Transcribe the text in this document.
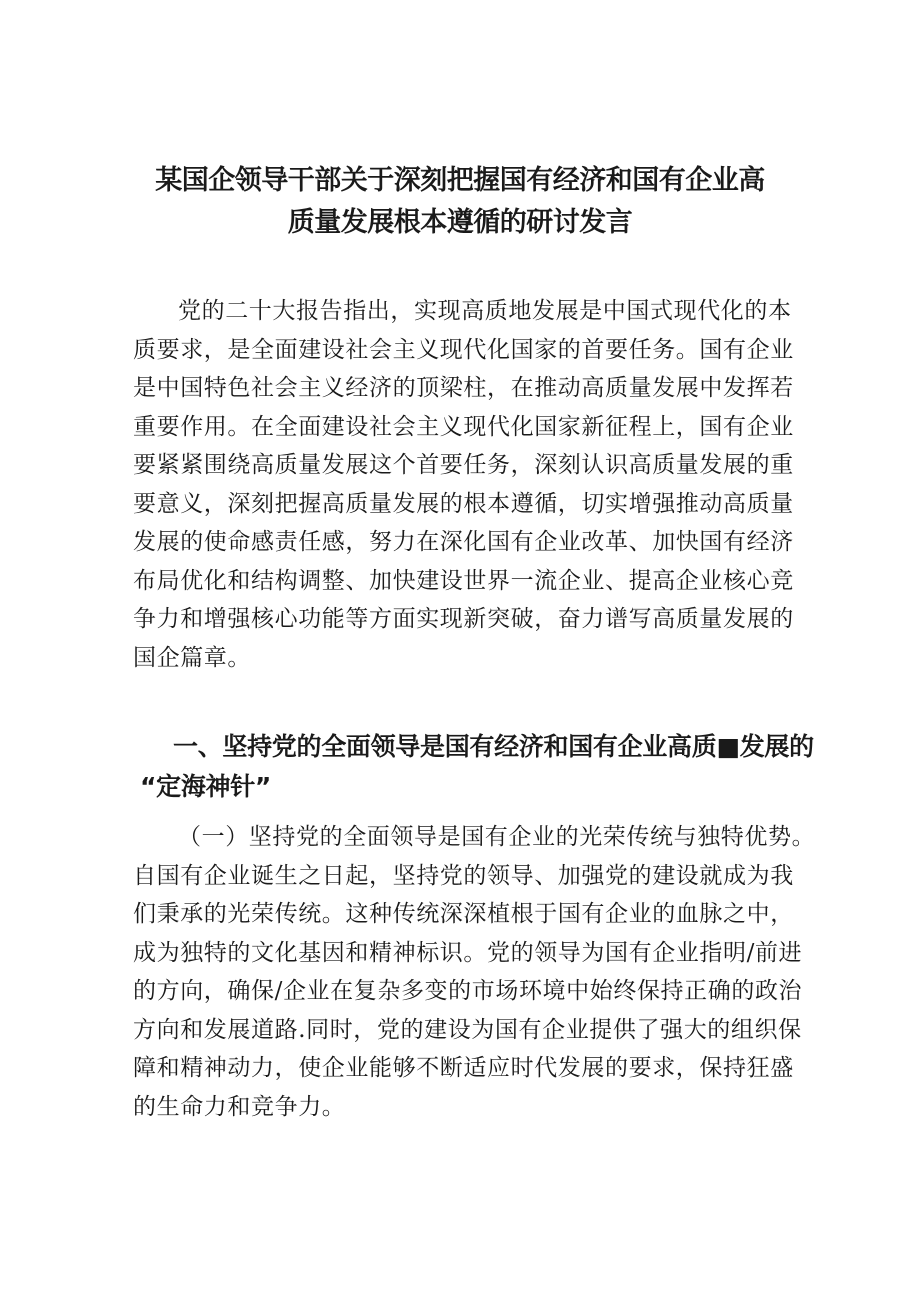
某国企领导干部关于深刻把握国有经济和国有企业高
质量发展根本遵循的研讨发言
党的二十大报告指出，实现高质地发展是中国式现代化的本
质要求，是全面建设社会主义现代化国家的首要任务。国有企业
是中国特色社会主义经济的顶梁柱，在推动高质量发展中发挥若
重要作用。在全面建设社会主义现代化国家新征程上，国有企业
要紧紧围绕高质量发展这个首要任务，深刻认识高质量发展的重
要意义，深刻把握高质量发展的根本遵循，切实增强推动高质量
发展的使命感责任感，努力在深化国有企业改革、加快国有经济
布局优化和结构调整、加快建设世界一流企业、提高企业核心竞
争力和增强核心功能等方面实现新突破，奋力谱写高质量发展的
国企篇章。
一、坚持党的全面领导是国有经济和国有企业高质■发展的
“定海神针”
（一）坚持党的全面领导是国有企业的光荣传统与独特优势。
自国有企业诞生之日起，坚持党的领导、加强党的建设就成为我
们秉承的光荣传统。这种传统深深植根于国有企业的血脉之中，
成为独特的文化基因和精神标识。党的领导为国有企业指明/前进
的方向，确保/企业在复杂多变的市场环境中始终保持正确的政治
方向和发展道路.同时，党的建设为国有企业提供了强大的组织保
障和精神动力，使企业能够不断适应时代发展的要求，保持狂盛
的生命力和竞争力。
